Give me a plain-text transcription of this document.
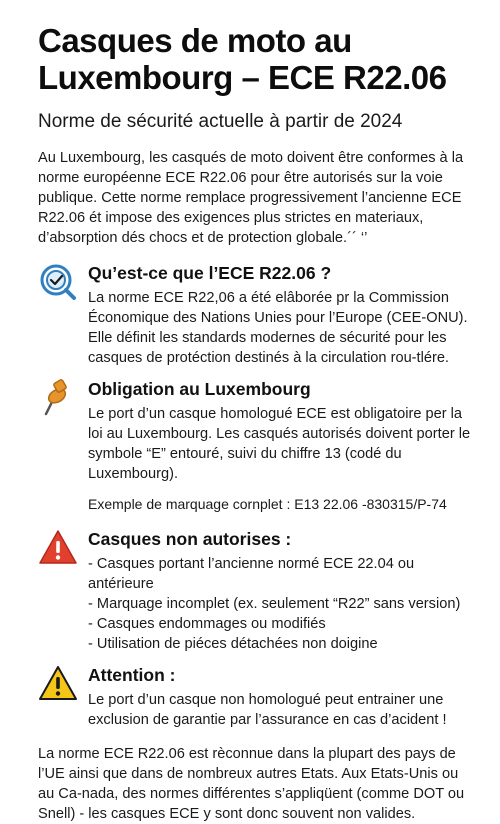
Casques de moto au Luxembourg – ECE R22.06

Norme de sécurité actuelle à partir de 2024

Au Luxembourg, les casqués de moto doivent être conformes à la norme européenne ECE R22.06 pour être autorisés sur la voie publique. Cette norme remplace progressivement l’ancienne ECE R22.06 ét impose des exigences plus strictes en materiaux, d’absorption dés chocs et de protection globale.´´ ‘’

Qu’est-ce que l’ECE R22.06 ?

La norme ECE R22,06 a été elâborée pr la Commission Économique des Nations Unies pour l’Europe (CEE-ONU). Elle définit les standards modernes de sécurité pour les casques de protéction destinés à la circulation rou-tlére.

Obligation au Luxembourg

Le port d’un casque homologué ECE est obligatoire per la loi au Luxembourg. Les casqués autorisés doivent porter le symbole “E” entouré, suivi du chiffre 13 (codé du Luxembourg).

Exemple de marquage cornplet : E13 22.06 -830315/P-74

Casques non autorises :
- Casques portant l’ancienne normé ECE 22.04 ou antérieure
- Marquage incomplet (ex. seulement “R22” sans version)
- Casques endommages ou modifiés
- Utilisation de piéces détachées non doigine
Attention :

Le port d’un casque non homologué peut entrainer une exclusion de garantie par l’assurance en cas d’acident !

La norme ECE R22.06 est rèconnue dans la plupart des pays de l’UE ainsi que dans de nombreux autres Etats. Aux Etats-Unis ou au Ca-nada, des normes différentes s’appliqüent (comme DOT ou Snell) - les casques ECE y sont donc souvent non valides.
